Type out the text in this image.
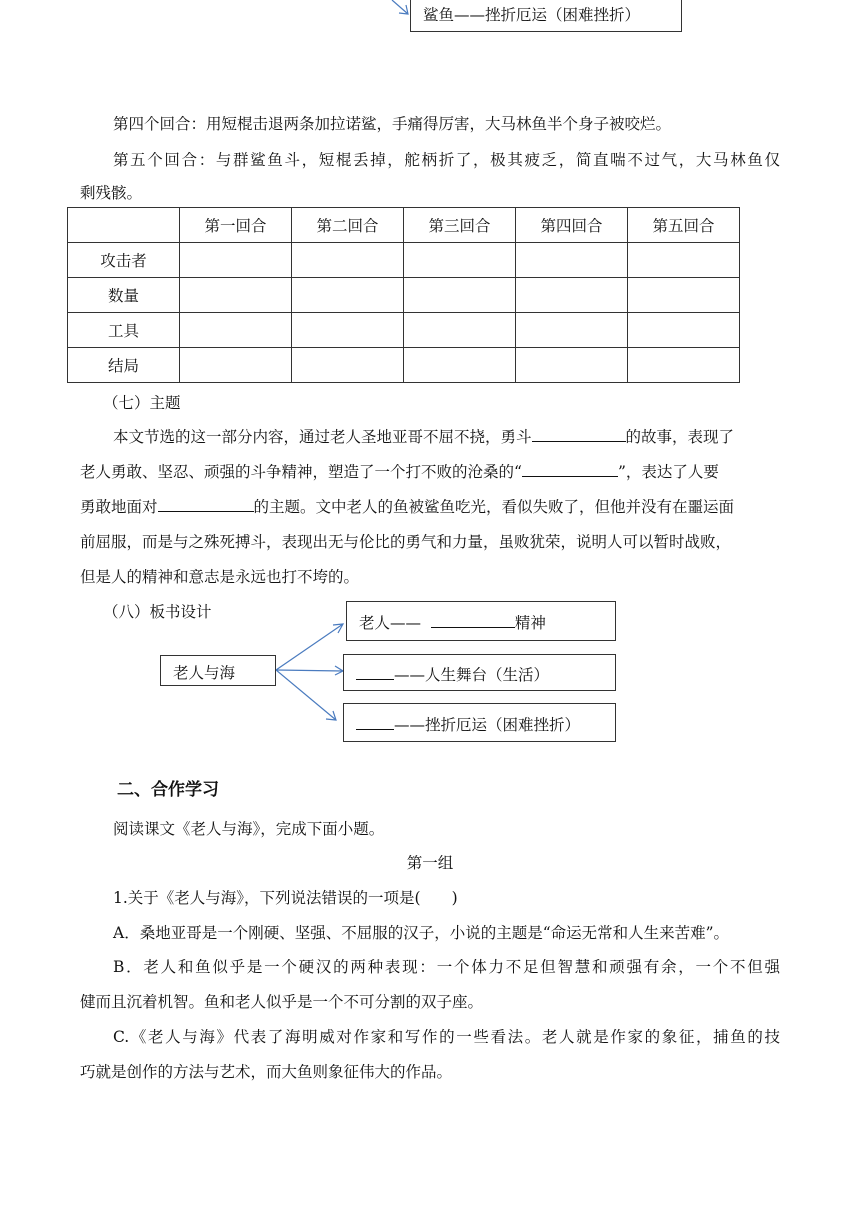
鲨鱼——挫折厄运（困难挫折）
第四个回合：用短棍击退两条加拉诺鲨，手痛得厉害，大马林鱼半个身子被咬烂。
第五个回合：与群鲨鱼斗，短棍丢掉，舵柄折了，极其疲乏，简直喘不过气，大马林鱼仅
剩残骸。
	第一回合	第二回合	第三回合	第四回合	第五回合
攻击者					
数量					
工具					
结局					
（七）主题
本文节选的这一部分内容，通过老人圣地亚哥不屈不挠，勇斗	的故事，表现了
老人勇敢、坚忍、顽强的斗争精神，塑造了一个打不败的沧桑的“	”，表达了人要
勇敢地面对	的主题。文中老人的鱼被鲨鱼吃光，看似失败了，但他并没有在噩运面
前屈服，而是与之殊死搏斗，表现出无与伦比的勇气和力量，虽败犹荣，说明人可以暂时战败，
但是人的精神和意志是永远也打不垮的。
（八）板书设计
老人与海
老人——	精神
——人生舞台（生活）
——挫折厄运（困难挫折）
二、合作学习
阅读课文《老人与海》，完成下面小题。
第一组
1.关于《老人与海》，下列说法错误的一项是(　　)
A．桑地亚哥是一个刚硬、坚强、不屈服的汉子，小说的主题是“命运无常和人生来苦难”。
B．老人和鱼似乎是一个硬汉的两种表现：一个体力不足但智慧和顽强有余，一个不但强
健而且沉着机智。鱼和老人似乎是一个不可分割的双子座。
C.《老人与海》代表了海明威对作家和写作的一些看法。老人就是作家的象征，捕鱼的技
巧就是创作的方法与艺术，而大鱼则象征伟大的作品。
